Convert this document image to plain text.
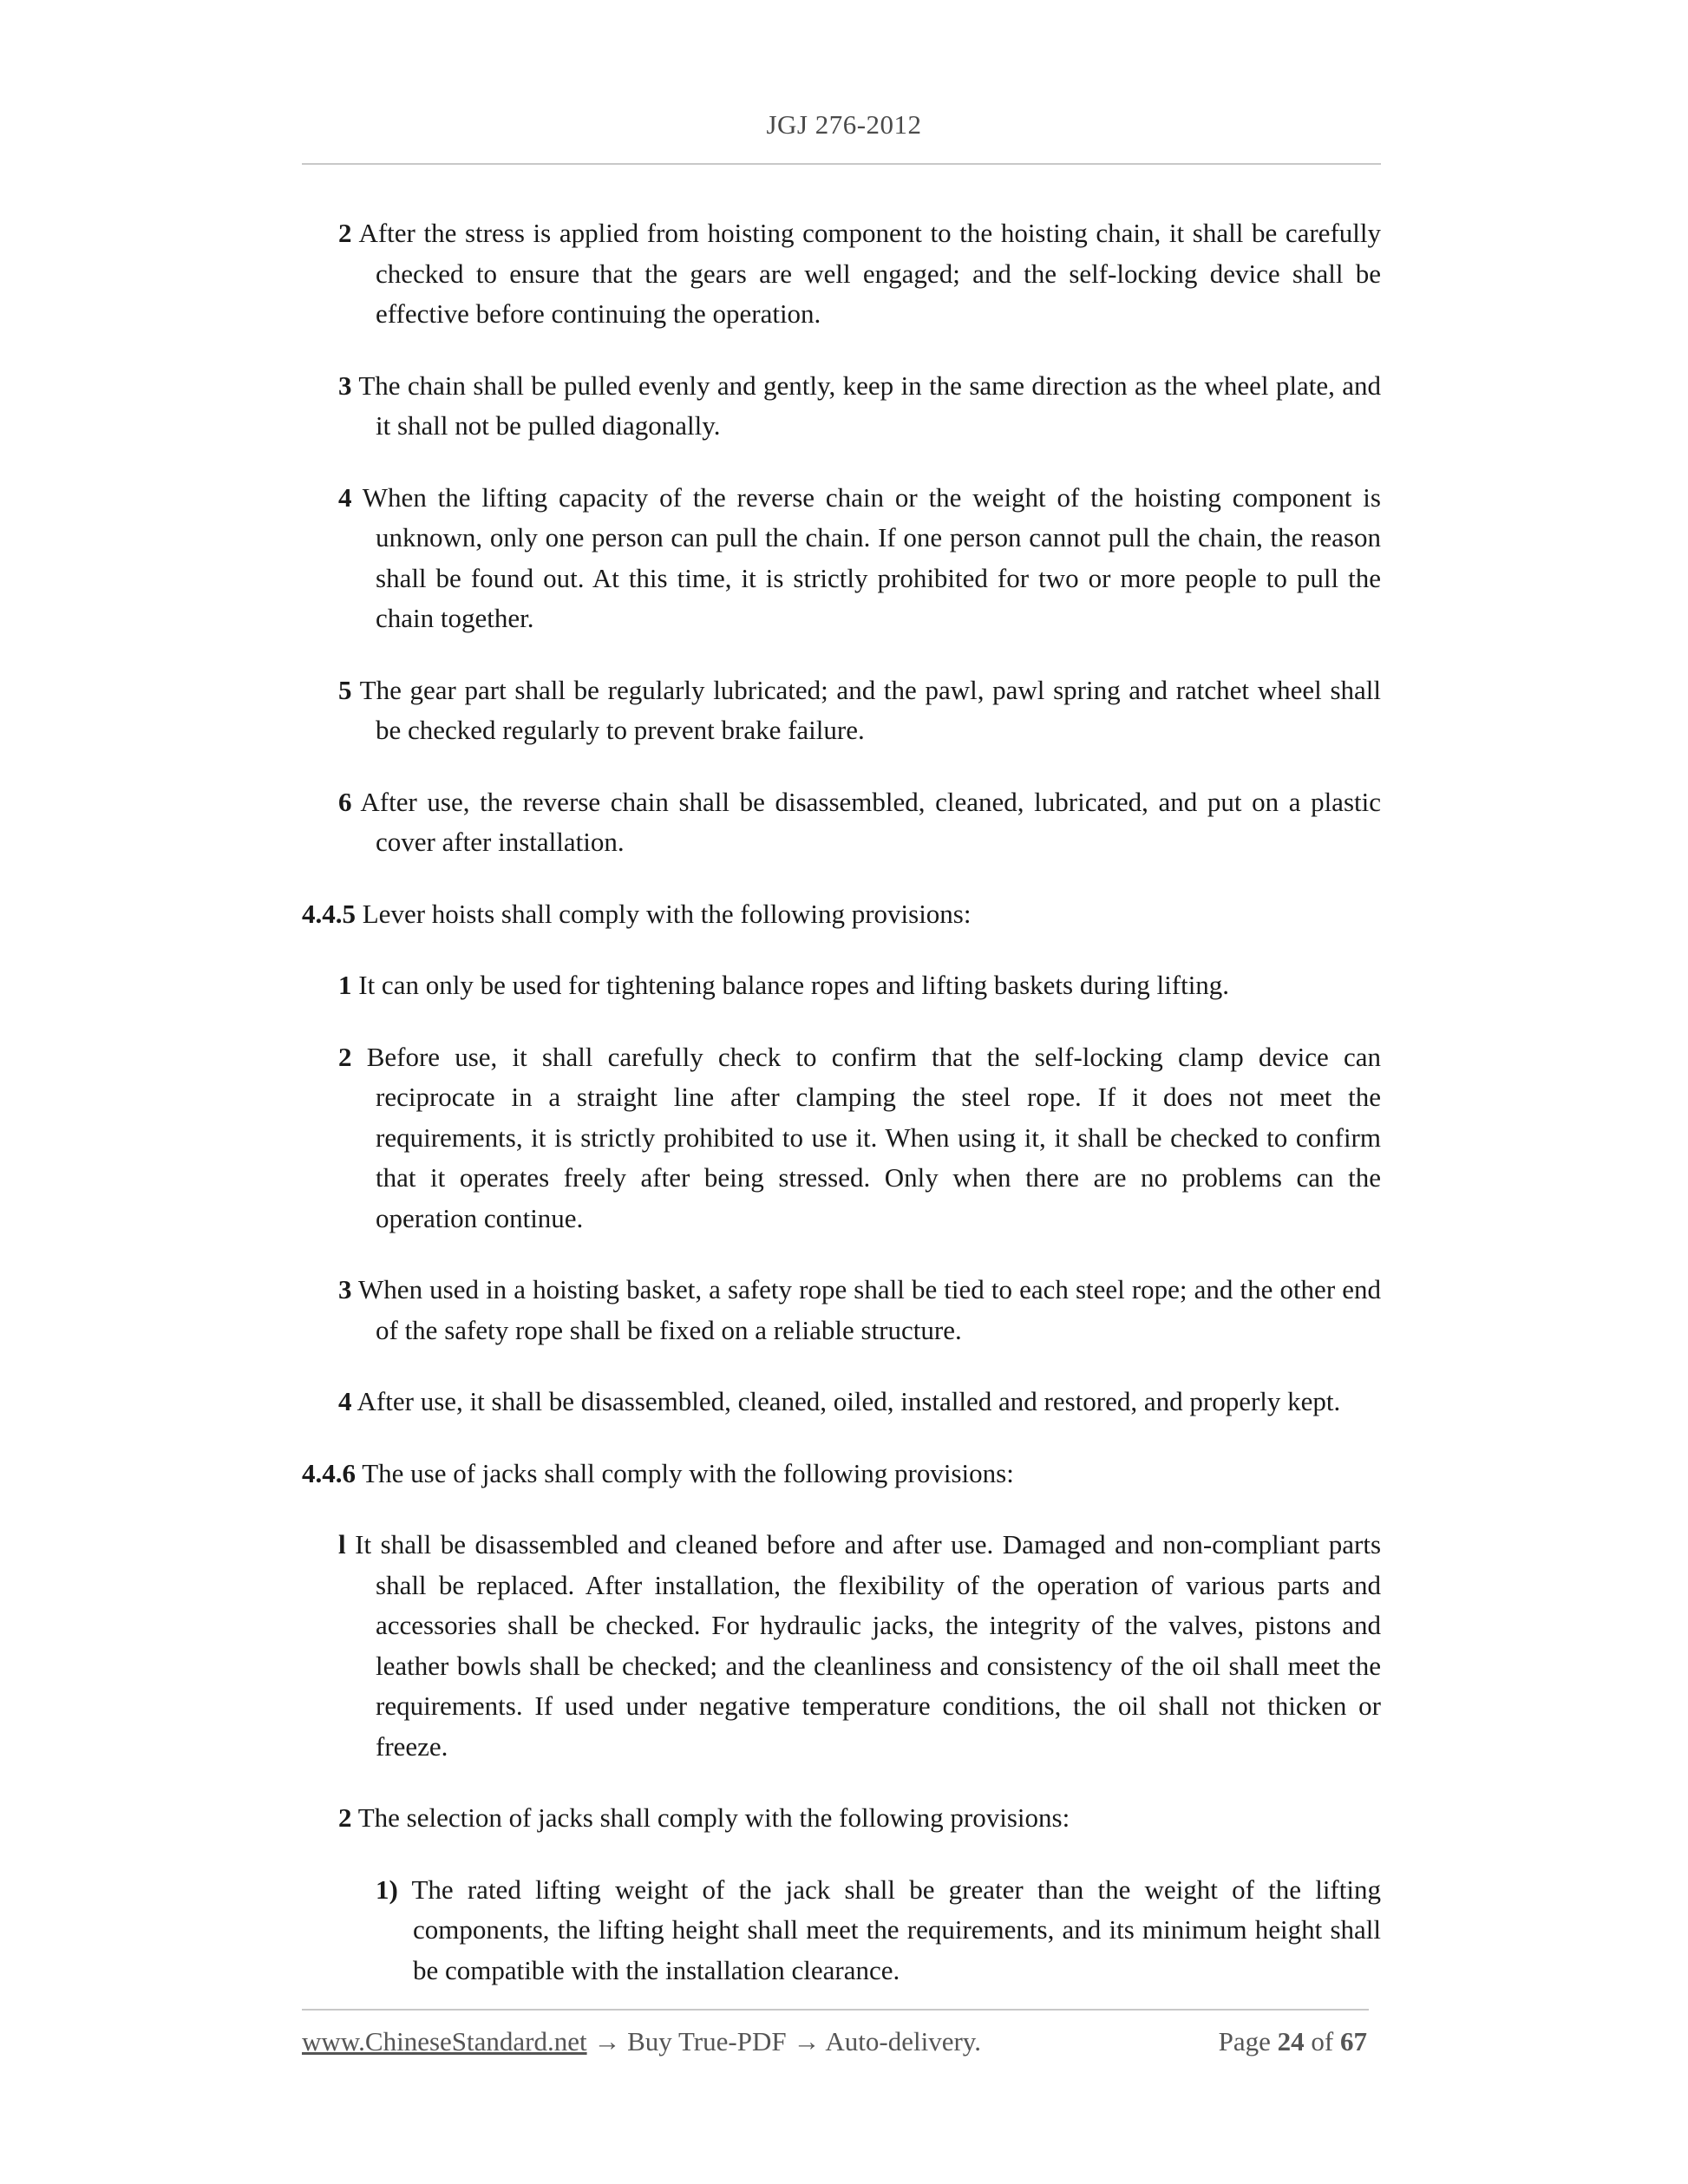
JGJ 276-2012

2 After the stress is applied from hoisting component to the hoisting chain, it shall be carefully checked to ensure that the gears are well engaged; and the self-locking device shall be effective before continuing the operation.

3 The chain shall be pulled evenly and gently, keep in the same direction as the wheel plate, and it shall not be pulled diagonally.

4 When the lifting capacity of the reverse chain or the weight of the hoisting component is unknown, only one person can pull the chain. If one person cannot pull the chain, the reason shall be found out. At this time, it is strictly prohibited for two or more people to pull the chain together.

5 The gear part shall be regularly lubricated; and the pawl, pawl spring and ratchet wheel shall be checked regularly to prevent brake failure.

6 After use, the reverse chain shall be disassembled, cleaned, lubricated, and put on a plastic cover after installation.

4.4.5 Lever hoists shall comply with the following provisions:

1 It can only be used for tightening balance ropes and lifting baskets during lifting.

2 Before use, it shall carefully check to confirm that the self-locking clamp device can reciprocate in a straight line after clamping the steel rope. If it does not meet the requirements, it is strictly prohibited to use it. When using it, it shall be checked to confirm that it operates freely after being stressed. Only when there are no problems can the operation continue.

3 When used in a hoisting basket, a safety rope shall be tied to each steel rope; and the other end of the safety rope shall be fixed on a reliable structure.

4 After use, it shall be disassembled, cleaned, oiled, installed and restored, and properly kept.

4.4.6 The use of jacks shall comply with the following provisions:

l It shall be disassembled and cleaned before and after use. Damaged and non-compliant parts shall be replaced. After installation, the flexibility of the operation of various parts and accessories shall be checked. For hydraulic jacks, the integrity of the valves, pistons and leather bowls shall be checked; and the cleanliness and consistency of the oil shall meet the requirements. If used under negative temperature conditions, the oil shall not thicken or freeze.

2 The selection of jacks shall comply with the following provisions:

1) The rated lifting weight of the jack shall be greater than the weight of the lifting components, the lifting height shall meet the requirements, and its minimum height shall be compatible with the installation clearance.

www.ChineseStandard.net → Buy True-PDF → Auto-delivery.	Page 24 of 67
